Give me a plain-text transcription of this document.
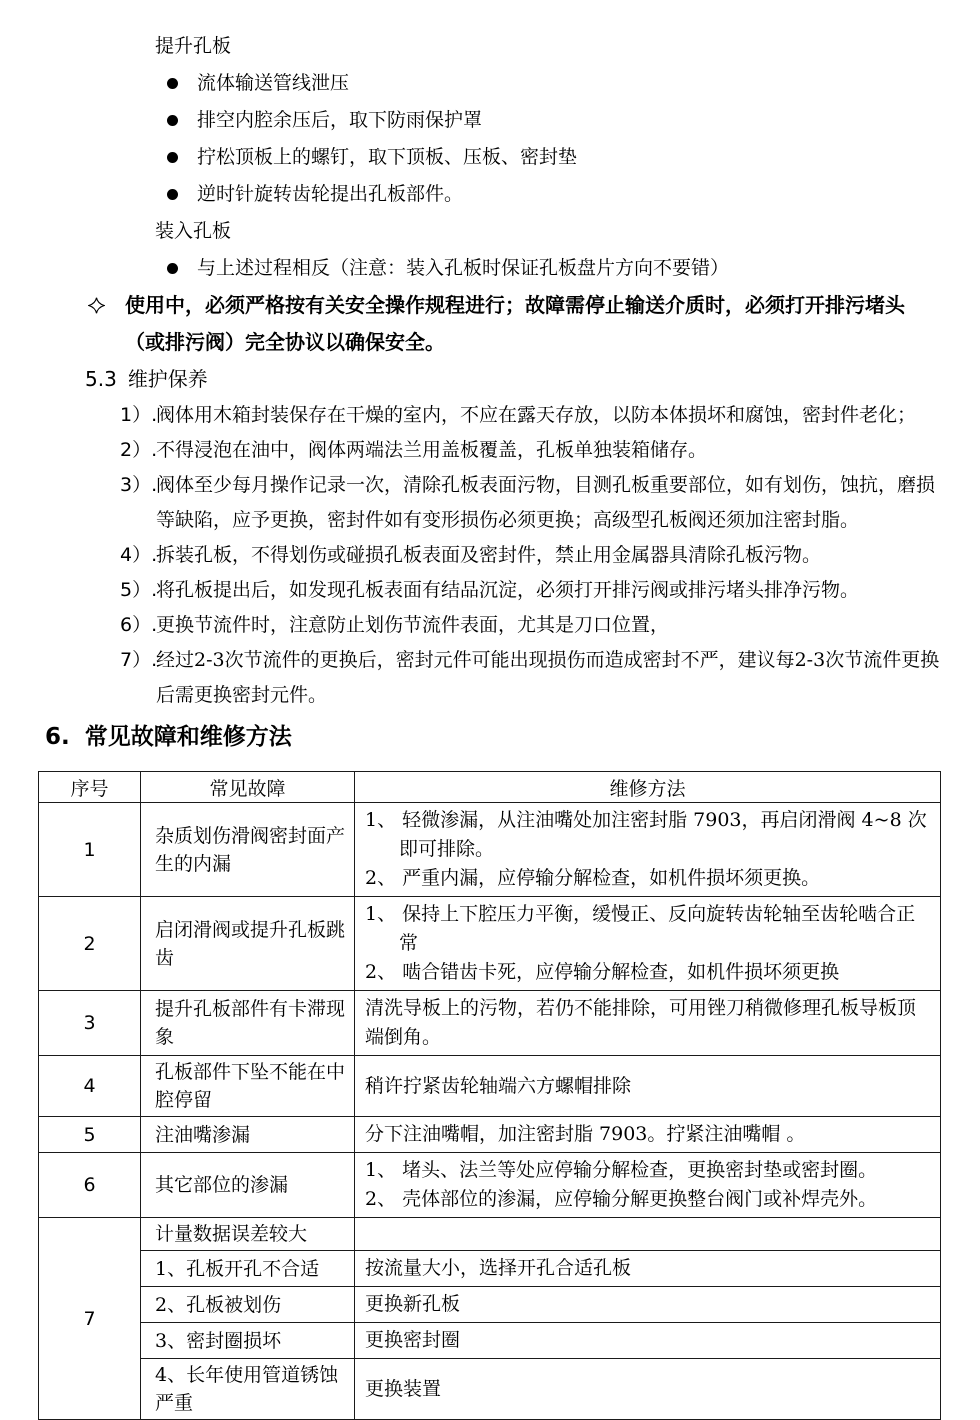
提升孔板
流体输送管线泄压
排空内腔余压后，取下防雨保护罩
拧松顶板上的螺钉，取下顶板、压板、密封垫
逆时针旋转齿轮提出孔板部件。
装入孔板
与上述过程相反（注意：装入孔板时保证孔板盘片方向不要错）
使用中，必须严格按有关安全操作规程进行；故障需停止输送介质时，必须打开排污堵头（或排污阀）完全协议以确保安全。
5.3 维护保养
1）.
阀体用木箱封装保存在干燥的室内，不应在露天存放，以防本体损坏和腐蚀，密封件老化；
2）.
不得浸泡在油中，阀体两端法兰用盖板覆盖，孔板单独装箱储存。
3）.
阀体至少每月操作记录一次，清除孔板表面污物，目测孔板重要部位，如有划伤，蚀抗，磨损等缺陷，应予更换，密封件如有变形损伤必须更换；高级型孔板阀还须加注密封脂。
4）.
拆装孔板，不得划伤或碰损孔板表面及密封件，禁止用金属器具清除孔板污物。
5）.
将孔板提出后，如发现孔板表面有结品沉淀，必须打开排污阀或排污堵头排净污物。
6）.
更换节流件时，注意防止划伤节流件表面，尤其是刀口位置，
7）.
经过2-3次节流件的更换后，密封元件可能出现损伤而造成密封不严，建议每2-3次节流件更换后需更换密封元件。
6. 常见故障和维修方法
序号	常见故障	维修方法
1	杂质划伤滑阀密封面产生的内漏	1、 轻微渗漏，从注油嘴处加注密封脂 7903，再启闭滑阀 4~8 次即可排除。
2、 严重内漏，应停输分解检查，如机件损坏须更换。

2	启闭滑阀或提升孔板跳齿	1、 保持上下腔压力平衡，缓慢正、反向旋转齿轮轴至齿轮啮合正常
2、 啮合错齿卡死，应停输分解检查，如机件损坏须更换

3	提升孔板部件有卡滞现象	清洗导板上的污物，若仍不能排除，可用锉刀稍微修理孔板导板顶端倒角。

4	孔板部件下坠不能在中腔停留	稍许拧紧齿轮轴端六方螺帽排除

5	注油嘴渗漏	分下注油嘴帽，加注密封脂 7903。拧紧注油嘴帽 。

6	其它部位的渗漏	1、 堵头、法兰等处应停输分解检查，更换密封垫或密封圈。
2、 壳体部位的渗漏，应停输分解更换整台阀门或补焊壳外。

7	计量数据误差较大	
	1、孔板开孔不合适	按流量大小，选择开孔合适孔板
	2、孔板被划伤	更换新孔板
	3、密封圈损坏	更换密封圈
	4、长年使用管道锈蚀严重	更换装置
